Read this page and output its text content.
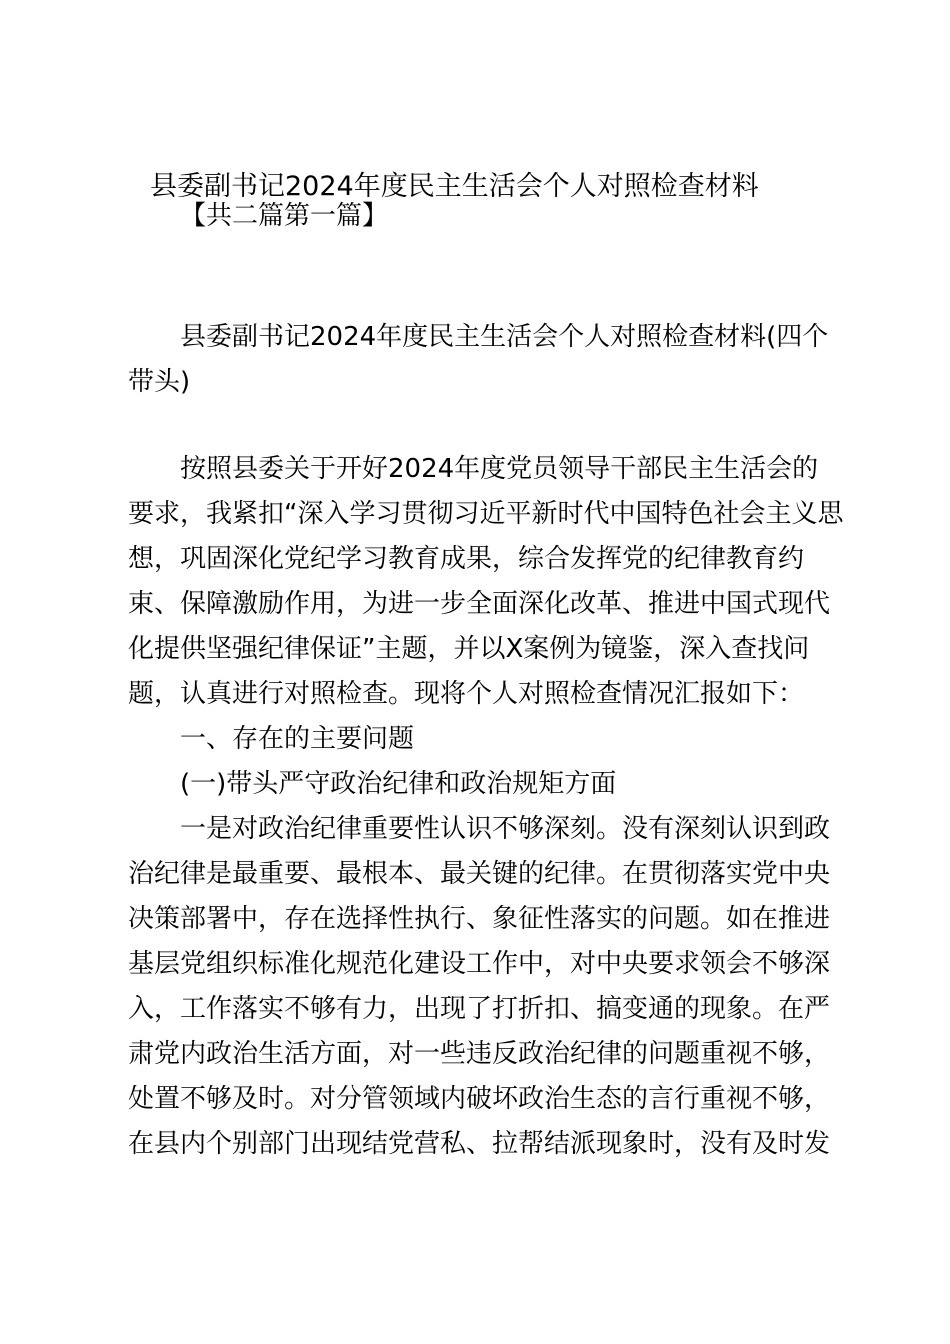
县委副书记2024年度民主生活会个人对照检查材料
【共二篇第一篇】
县委副书记2024年度民主生活会个人对照检查材料(四个
带头)
按照县委关于开好2024年度党员领导干部民主生活会的
要求，我紧扣“深入学习贯彻习近平新时代中国特色社会主义思
想，巩固深化党纪学习教育成果，综合发挥党的纪律教育约
束、保障激励作用，为进一步全面深化改革、推进中国式现代
化提供坚强纪律保证”主题，并以X案例为镜鉴，深入查找问
题，认真进行对照检查。现将个人对照检查情况汇报如下：
一、存在的主要问题
(一)带头严守政治纪律和政治规矩方面
一是对政治纪律重要性认识不够深刻。没有深刻认识到政
治纪律是最重要、最根本、最关键的纪律。在贯彻落实党中央
决策部署中，存在选择性执行、象征性落实的问题。如在推进
基层党组织标准化规范化建设工作中，对中央要求领会不够深
入，工作落实不够有力，出现了打折扣、搞变通的现象。在严
肃党内政治生活方面，对一些违反政治纪律的问题重视不够，
处置不够及时。对分管领域内破坏政治生态的言行重视不够，
在县内个别部门出现结党营私、拉帮结派现象时，没有及时发
